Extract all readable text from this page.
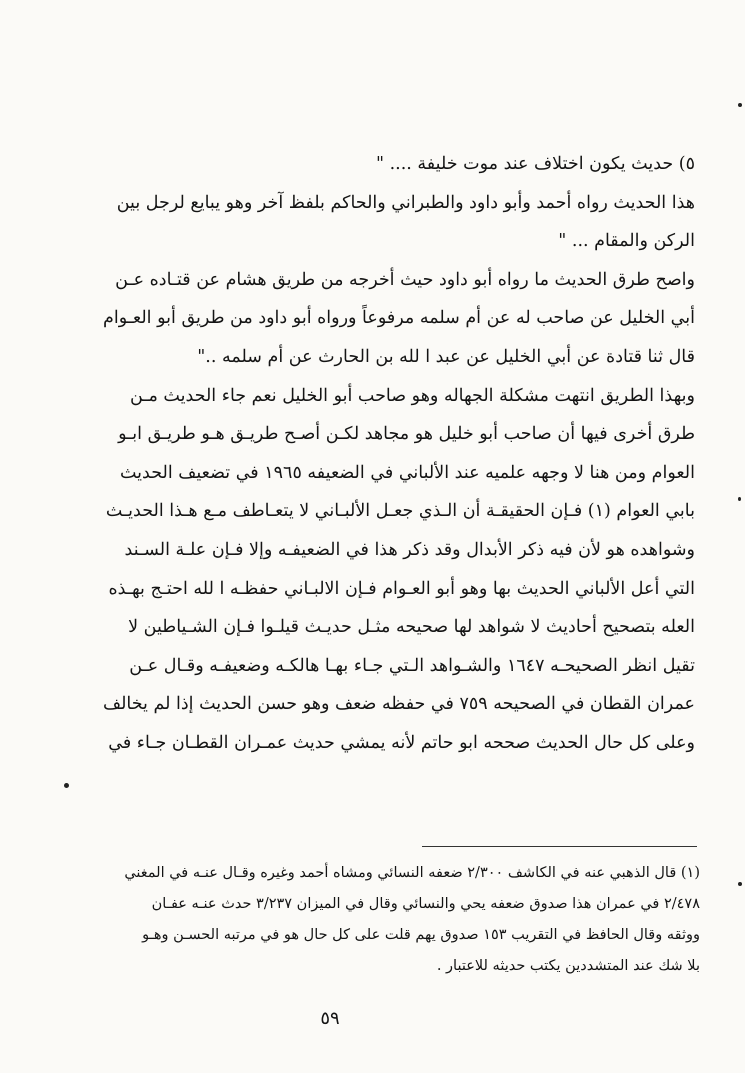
٥) حديث يكون اختلاف عند موت خليفة .... "
هذا الحديث رواه أحمد وأبو داود والطبراني والحاكم بلفظ آخر وهو يبايع لرجل بين
الركن والمقام ... "
واصح طرق الحديث ما رواه أبو داود حيث أخرجه من طريق هشام عن قتـاده عـن
أبي الخليل عن صاحب له عن أم سلمه مرفوعاً ورواه أبو داود من طريق أبو العـوام
قال ثنا قتادة عن أبي الخليل عن عبد ا لله بن الحارث عن أم سلمه .."
وبهذا الطريق انتهت مشكلة الجهاله وهو صاحب أبو الخليل نعم جاء الحديث مـن
طرق أخرى فيها أن صاحب أبو خليل هو مجاهد لكـن أصـح طريـق هـو طريـق ابـو
العوام ومن هنا لا وجهه علميه عند الألباني في الضعيفه ١٩٦٥ في تضعيف الحديث
بابي العوام (١) فـإن الحقيقـة أن الـذي جعـل الألبـاني لا يتعـاطف مـع هـذا الحديـث
وشواهده هو لأن فيه ذكر الأبدال وقد ذكر هذا في الضعيفـه وإلا فـإن علـة السـند
التي أعل الألباني الحديث بها وهو أبو العـوام فـإن الالبـاني حفظـه ا لله احتـج بهـذه
العله بتصحيح أحاديث لا شواهد لها صحيحه مثـل حديـث قيلـوا فـإن الشـياطين لا
تقيل انظر الصحيحـه ١٦٤٧ والشـواهد الـتي جـاء بهـا هالكـه وضعيفـه وقـال عـن
عمران القطان في الصحيحه ٧٥٩ في حفظه ضعف وهو حسن الحديث إذا لم يخالف
وعلى كل حال الحديث صححه ابو حاتم لأنه يمشي حديث عمـران القطـان جـاء في
(١) قال الذهبي عنه في الكاشف ٢/٣٠٠ ضعفه النسائي ومشاه أحمد وغيره وقـال عنـه في المغني
٢/٤٧٨ في عمران هذا صدوق ضعفه يحي والنسائي وقال في الميزان ٣/٢٣٧ حدث عنـه عفـان
ووثقه وقال الحافظ في التقريب ١٥٣ صدوق يهم قلت على كل حال هو في مرتبه الحسـن وهـو
بلا شك عند المتشددين يكتب حديثه للاعتبار .
٥٩
